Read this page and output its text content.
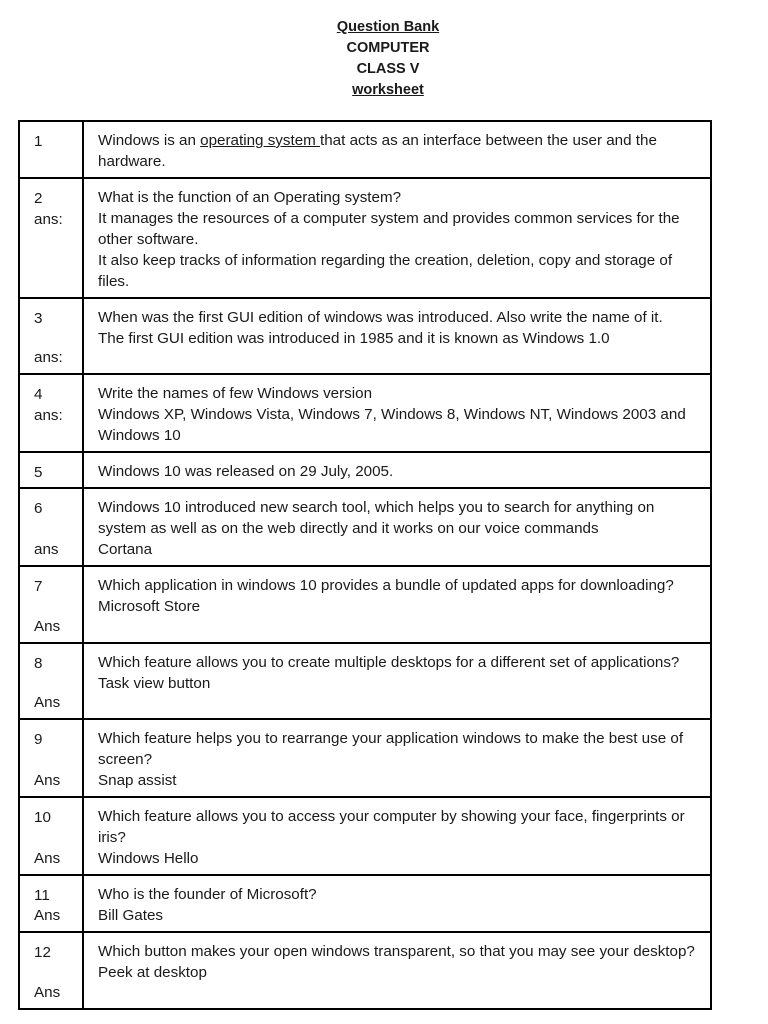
Question Bank
COMPUTER
CLASS V
worksheet
1	Windows is an operating system that acts as an interface between the user and the hardware.

2
ans:	What is the function of an Operating system?
It manages the resources of a computer system and provides common services for the other software.
It also keep tracks of information regarding the creation, deletion, copy and storage of files.

3
ans:	When was the first GUI edition of windows was introduced. Also write the name of it.
The first GUI edition was introduced in 1985 and it is known as Windows 1.0

4
ans:	Write the names of few Windows version
Windows XP, Windows Vista, Windows 7, Windows 8, Windows NT, Windows 2003 and Windows 10

5	Windows 10 was released on 29 July, 2005.

6
ans	Windows 10 introduced new search tool, which helps you to search for anything on system as well as on the web directly and it works on our voice commands
Cortana

7
Ans	Which application in windows 10 provides a bundle of updated apps for downloading?
Microsoft Store

8
Ans	Which feature allows you to create multiple desktops for a different set of applications?
Task view button

9
Ans	Which feature helps you to rearrange your application windows to make the best use of screen?
Snap assist

10
Ans	Which feature allows you to access your computer by showing your face, fingerprints or iris?
Windows Hello

11
Ans	Who is the founder of Microsoft?
Bill Gates

12
Ans	Which button makes your open windows transparent, so that you may see your desktop?
Peek at desktop
